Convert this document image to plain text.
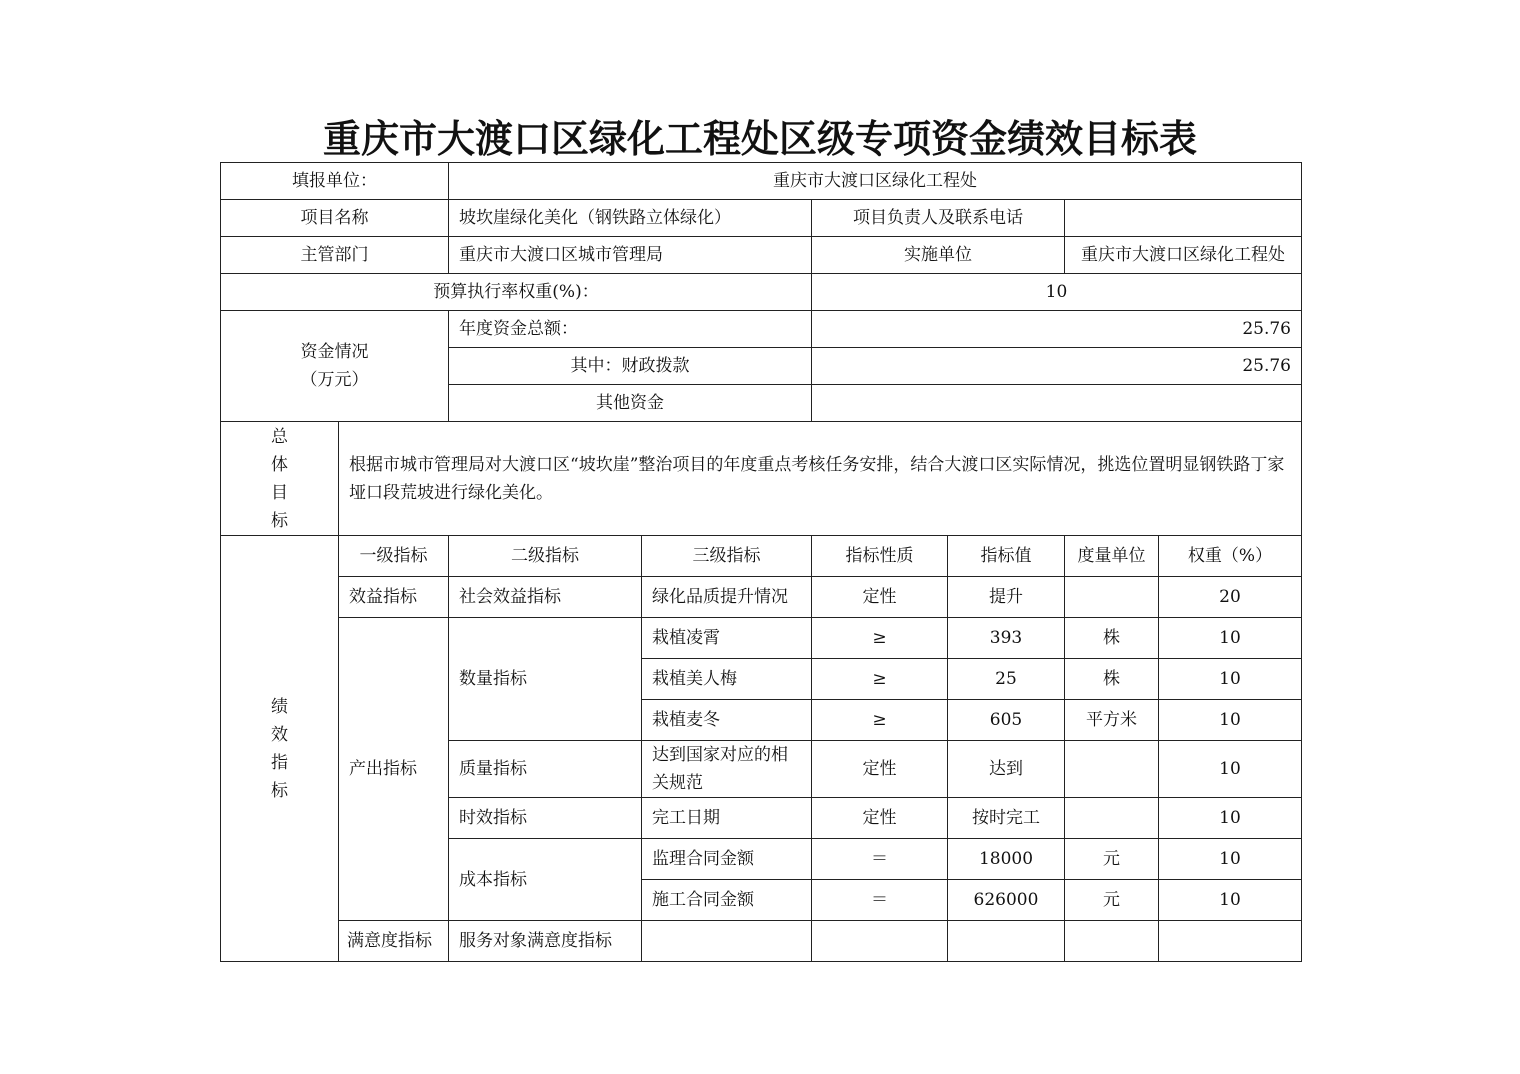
重庆市大渡口区绿化工程处区级专项资金绩效目标表
填报单位：		重庆市大渡口区绿化工程处					
项目名称		坡坎崖绿化美化（钢铁路立体绿化）		项目负责人及联系电话			
主管部门		重庆市大渡口区城市管理局		实施单位		重庆市大渡口区绿化工程处	
预算执行率权重(%)：				10			

资金情况
（万元）		年度资金总额：		25.76			
		其中：财政拨款		25.76			
		其他资金					

总体目标	根据市城市管理局对大渡口区“坡坎崖”整治项目的年度重点考核任务安排，结合大渡口区实际情况，挑选位置明显钢铁路丁家垭口段荒坡进行绿化美化。						

绩
效
指
标	一级指标	二级指标	三级指标	指标性质	指标值	度量单位	权重（%）
	效益指标	社会效益指标	绿化品质提升情况	定性	提升		20
	产出指标	数量指标	栽植凌霄	≥	393	株	10
			栽植美人梅	≥	25	株	10
			栽植麦冬	≥	605	平方米	10
		质量指标	达到国家对应的相关规范	定性	达到		10
		时效指标	完工日期	定性	按时完工		10
		成本指标	监理合同金额	＝	18000	元	10
			施工合同金额	＝	626000	元	10
	满意度指标	服务对象满意度指标					
